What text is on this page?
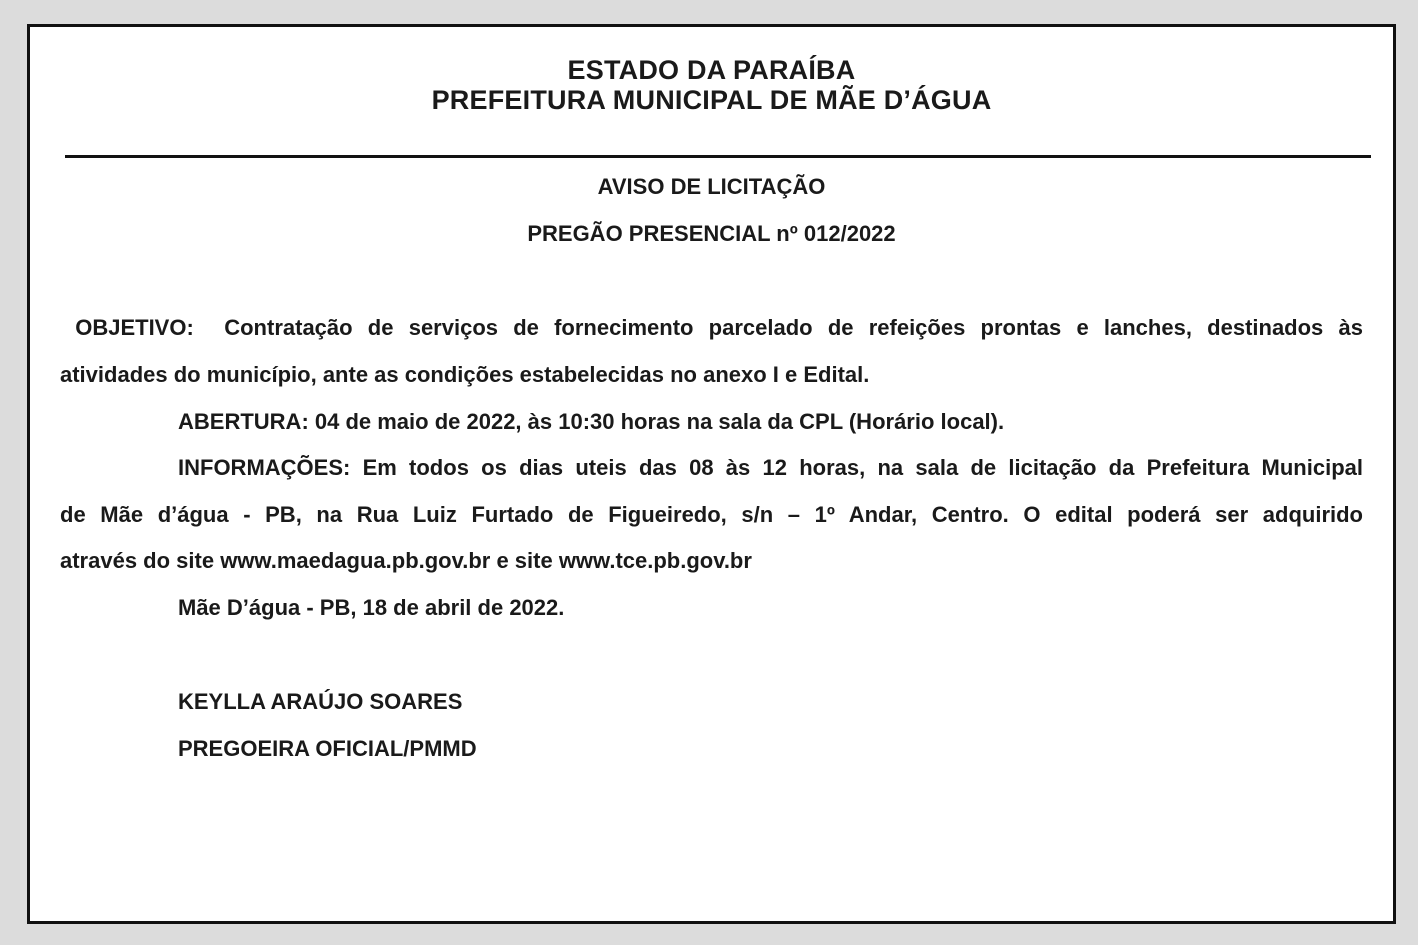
ESTADO DA PARAÍBA
PREFEITURA MUNICIPAL DE MÃE D’ÁGUA
AVISO DE LICITAÇÃO
PREGÃO PRESENCIAL nº 012/2022
OBJETIVO:  Contratação de serviços de fornecimento parcelado de refeições prontas e lanches, destinados às
atividades do município, ante as condições estabelecidas no anexo I e Edital.
ABERTURA: 04 de maio de 2022, às 10:30 horas na sala da CPL (Horário local).
INFORMAÇÕES: Em todos os dias uteis das 08 às 12 horas, na sala de licitação da Prefeitura Municipal
de Mãe d’água - PB, na Rua Luiz Furtado de Figueiredo, s/n – 1º Andar, Centro. O edital poderá ser adquirido
através do site www.maedagua.pb.gov.br e site www.tce.pb.gov.br
Mãe D’água - PB, 18 de abril de 2022.
KEYLLA ARAÚJO SOARES
PREGOEIRA OFICIAL/PMMD
